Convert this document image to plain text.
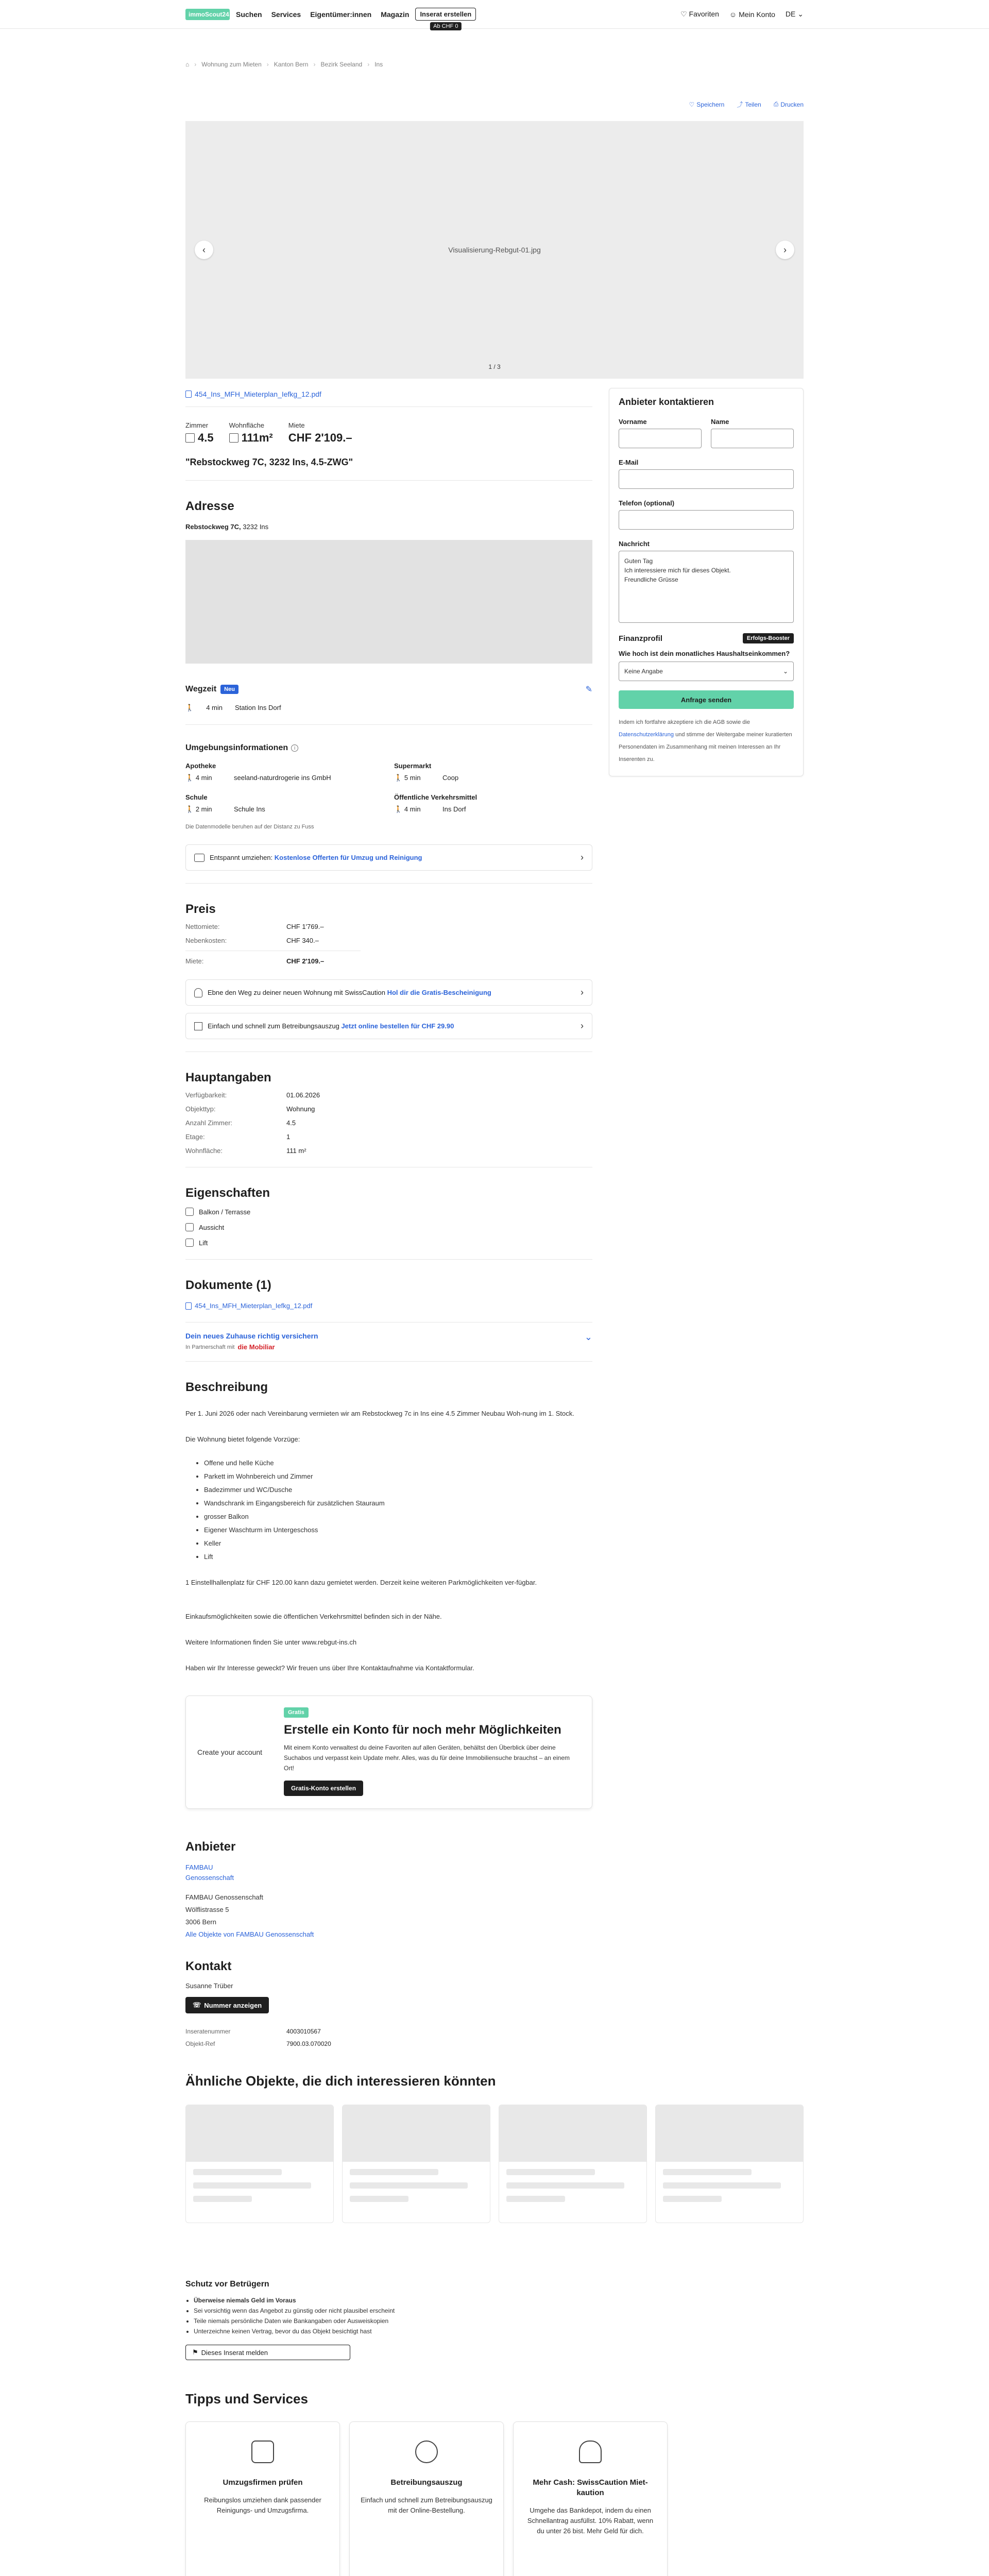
immoScout24 Suchen Services Eigentümer:innen Magazin	Inserat erstellen
Ab CHF 0
♡ Favoriten ☺ Mein Konto DE ⌄
⌂ › Wohnung zum Mieten › Kanton Bern › Bezirk Seeland › Ins
♡ Speichern ⤴ Teilen ⎙ Drucken
‹	Visualisierung-Rebgut-01.jpg	›
1 / 3
454_Ins_MFH_Mieterplan_Iefkg_12.pdf
Zimmer
4.5
Wohnfläche
111m²
Miete
CHF 2'109.–
"Rebstockweg 7C, 3232 Ins, 4.5-ZWG"
Adresse
Rebstockweg 7C, 3232 Ins
Wegzeit	Neu	✎
🚶 4 min Station Ins Dorf
Umgebungsinformationen	i
Apotheke
🚶 4 min	seeland-naturdrogerie ins GmbH
Supermarkt
🚶 5 min	Coop
Schule
🚶 2 min	Schule Ins
Öffentliche Verkehrsmittel
🚶 4 min	Ins Dorf
Die Datenmodelle beruhen auf der Distanz zu Fuss
Entspannt umziehen: Kostenlose Offerten für Umzug und Reinigung	›
Preis
Nettomiete:	CHF 1'769.–
Nebenkosten:	CHF 340.–
Miete:	CHF 2'109.–
Ebne den Weg zu deiner neuen Wohnung mit SwissCaution Hol dir die Gratis-Bescheinigung	›
Einfach und schnell zum Betreibungsauszug Jetzt online bestellen für CHF 29.90	›
Hauptangaben
Verfügbarkeit:	01.06.2026
Objekttyp:	Wohnung
Anzahl Zimmer:	4.5
Etage:	1
Wohnfläche:	111 m²
Eigenschaften
Balkon / Terrasse
Aussicht
Lift
Dokumente (1)
454_Ins_MFH_Mieterplan_Iefkg_12.pdf
Dein neues Zuhause richtig versichern
In Partnerschaft mit die Mobiliar
⌄
Beschreibung

Per 1. Juni 2026 oder nach Vereinbarung vermieten wir am Rebstockweg 7c in Ins eine 4.5 Zimmer Neubau Woh-nung im 1. Stock.

Die Wohnung bietet folgende Vorzüge:

• Offene und helle Küche
• Parkett im Wohnbereich und Zimmer
• Badezimmer und WC/Dusche
• Wandschrank im Eingangsbereich für zusätzlichen Stauraum
• grosser Balkon
• Eigener Waschturm im Untergeschoss
• Keller
• Lift

1 Einstellhallenplatz für CHF 120.00 kann dazu gemietet werden. Derzeit keine weiteren Parkmöglichkeiten ver-fügbar.

Einkaufsmöglichkeiten sowie die öffentlichen Verkehrsmittel befinden sich in der Nähe.

Weitere Informationen finden Sie unter www.rebgut-ins.ch

Haben wir Ihr Interesse geweckt? Wir freuen uns über Ihre Kontaktaufnahme via Kontaktformular.

Create your account
Gratis
Erstelle ein Konto für noch mehr Möglichkeiten
Mit einem Konto verwaltest du deine Favoriten auf allen Geräten, behältst den Überblick über deine Suchabos und verpasst kein Update mehr. Alles, was du für deine Immobiliensuche brauchst – an einem Ort!
Gratis-Konto erstellen
Anbieter
FAMBAU
Genossenschaft
FAMBAU Genossenschaft
Wölflistrasse 5
3006 Bern
Alle Objekte von FAMBAU Genossenschaft
Kontakt
Susanne Trüber
☏ Nummer anzeigen
Inseratenummer	4003010567
Objekt-Ref	7900.03.070020
Anbieter kontaktieren
Vorname	Name
E-Mail
Telefon (optional)
Nachricht
Guten Tag
Ich interessiere mich für dieses Objekt.
Freundliche Grüsse
Finanzprofil	Erfolgs-Booster
Wie hoch ist dein monatliches Haushaltseinkommen?
Keine Angabe	⌄
Anfrage senden
Indem ich fortfahre akzeptiere ich die AGB sowie die Datenschutzerklärung und stimme der Weitergabe meiner kuratierten Personendaten im Zusammenhang mit meinen Interessen an Ihr Inserenten zu.
Ähnliche Objekte, die dich interessieren könnten
Schutz vor Betrügern
• Überweise niemals Geld im Voraus
• Sei vorsichtig wenn das Angebot zu günstig oder nicht plausibel erscheint
• Teile niemals persönliche Daten wie Bankangaben oder Ausweiskopien
• Unterzeichne keinen Vertrag, bevor du das Objekt besichtigt hast
⚑ Dieses Inserat melden
Tipps und Services
Umzugsfirmen prüfen
Reibungslos umziehen dank passender Reinigungs- und Umzugsfirma.
Betreibungsauszug
Einfach und schnell zum Betreibungsauszug mit der Online-Bestellung.
Mehr Cash: SwissCaution Miet-kaution
Umgehe das Bankdepot, indem du einen Schnellantrag ausfüllst. 10% Rabatt, wenn du unter 26 bist. Mehr Geld für dich.
